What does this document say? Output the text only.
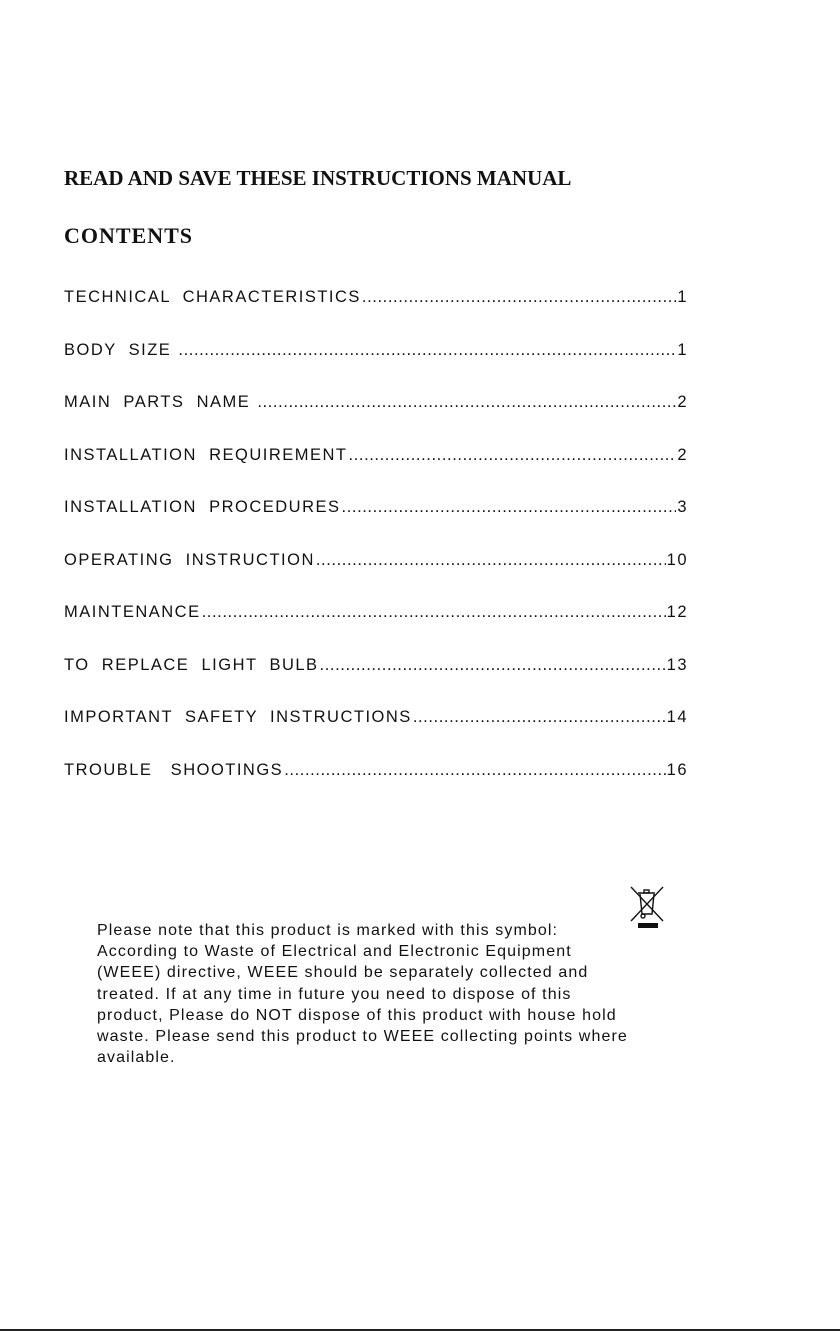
READ AND SAVE THESE INSTRUCTIONS MANUAL
CONTENTS
TECHNICAL  CHARACTERISTICS .....	1
BODY  SIZE .....	1
MAIN  PARTS  NAME .....	2
INSTALLATION  REQUIREMENT .....	2
INSTALLATION  PROCEDURES .....	3
OPERATING  INSTRUCTION .....	10
MAINTENANCE .....	12
TO  REPLACE  LIGHT  BULB .....	13
IMPORTANT  SAFETY  INSTRUCTIONS .....	14
TROUBLE   SHOOTINGS .....	16

Please note that this product is marked with this symbol:
According to Waste of Electrical and Electronic Equipment
(WEEE) directive, WEEE should be separately collected and
treated. If at any time in future you need to dispose of this
product, Please do NOT dispose of this product with house hold
waste. Please send this product to WEEE collecting points where
available.
